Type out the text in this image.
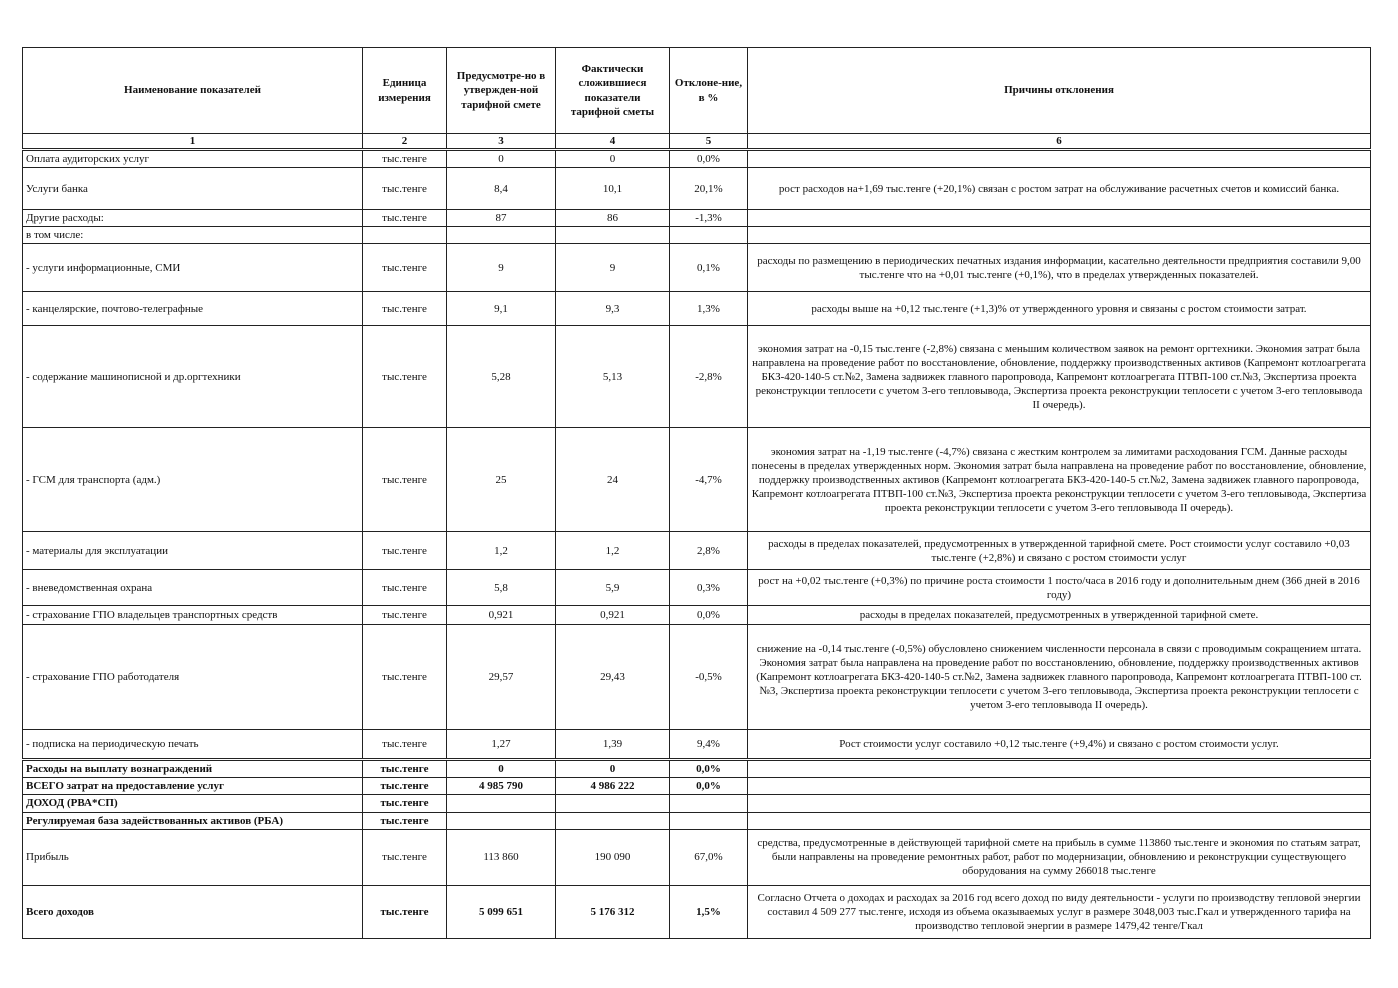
Наименование показателей	Единица измерения	Предусмотре-но в утвержден-ной тарифной смете	Фактически сложившиеся показатели тарифной сметы	Отклоне-ние, в %	Причины отклонения
1	2	3	4	5	6
Оплата аудиторских услуг	тыс.тенге	0	0	0,0%	
Услуги банка	тыс.тенге	8,4	10,1	20,1%	рост расходов на+1,69 тыс.тенге (+20,1%) связан с ростом затрат на обслуживание расчетных счетов и комиссий банка.
Другие расходы:	тыс.тенге	87	86	-1,3%	
в том числе:					
- услуги информационные, СМИ	тыс.тенге	9	9	0,1%	расходы по размещению в периодических печатных издания информации, касательно деятельности предприятия составили 9,00 тыс.тенге что на +0,01 тыс.тенге (+0,1%), что в пределах утвержденных показателей.
- канцелярские, почтово-телеграфные	тыс.тенге	9,1	9,3	1,3%	расходы выше на +0,12 тыс.тенге (+1,3)% от утвержденного уровня и связаны с ростом стоимости затрат.
- содержание машинописной и др.оргтехники	тыс.тенге	5,28	5,13	-2,8%	экономия затрат на -0,15 тыс.тенге (-2,8%) связана с меньшим количеством заявок на ремонт оргтехники. Экономия затрат была направлена на проведение работ по восстановление, обновление, поддержку производственных активов (Капремонт котлоагрегата БКЗ-420-140-5 ст.№2, Замена задвижек главного паропровода, Капремонт котлоагрегата ПТВП-100 ст.№3, Экспертиза проекта реконструкции теплосети с учетом 3-его тепловывода, Экспертиза проекта реконструкции теплосети с учетом 3-его тепловывода II очередь).
- ГСМ для транспорта (адм.)	тыс.тенге	25	24	-4,7%	экономия затрат на -1,19 тыс.тенге (-4,7%) связана с жестким контролем за лимитами расходования ГСМ. Данные расходы понесены в пределах утвержденных норм. Экономия затрат была направлена на проведение работ по восстановление, обновление, поддержку производственных активов (Капремонт котлоагрегата БКЗ-420-140-5 ст.№2, Замена задвижек главного паропровода, Капремонт котлоагрегата ПТВП-100 ст.№3, Экспертиза проекта реконструкции теплосети с учетом 3-его тепловывода, Экспертиза проекта реконструкции теплосети с учетом 3-его тепловывода II очередь).
- материалы для эксплуатации	тыс.тенге	1,2	1,2	2,8%	расходы в пределах показателей, предусмотренных в утвержденной тарифной смете. Рост стоимости услуг составило +0,03 тыс.тенге (+2,8%) и связано с ростом стоимости услуг
- вневедомственная охрана	тыс.тенге	5,8	5,9	0,3%	рост на +0,02 тыс.тенге (+0,3%) по причине роста стоимости 1 посто/часа в 2016 году и дополнительным днем (366 дней в 2016 году)
- страхование ГПО владельцев транспортных средств	тыс.тенге	0,921	0,921	0,0%	расходы в пределах показателей, предусмотренных в утвержденной тарифной смете.
- страхование ГПО работодателя	тыс.тенге	29,57	29,43	-0,5%	снижение на -0,14 тыс.тенге (-0,5%) обусловлено снижением численности персонала в связи с проводимым сокращением штата. Экономия затрат была направлена на проведение работ по восстановлению, обновление, поддержку производственных активов (Капремонт котлоагрегата БКЗ-420-140-5 ст.№2, Замена задвижек главного паропровода, Капремонт котлоагрегата ПТВП-100 ст.№3, Экспертиза проекта реконструкции теплосети с учетом 3-его тепловывода, Экспертиза проекта реконструкции теплосети с учетом 3-его тепловывода II очередь).
- подписка на периодическую печать	тыс.тенге	1,27	1,39	9,4%	Рост стоимости услуг составило +0,12 тыс.тенге (+9,4%) и связано с ростом стоимости услуг.
Расходы на выплату вознаграждений	тыс.тенге	0	0	0,0%	
ВСЕГО затрат на предоставление услуг	тыс.тенге	4 985 790	4 986 222	0,0%	
ДОХОД (РВА*СП)	тыс.тенге				
Регулируемая база задействованных активов (РБА)	тыс.тенге				
Прибыль	тыс.тенге	113 860	190 090	67,0%	средства, предусмотренные в действующей тарифной смете на прибыль в сумме 113860 тыс.тенге и экономия по статьям затрат, были направлены на проведение ремонтных работ, работ по модернизации, обновлению и реконструкции существующего оборудования на сумму 266018 тыс.тенге
Всего доходов	тыс.тенге	5 099 651	5 176 312	1,5%	Согласно Отчета о доходах и расходах за 2016 год всего доход по виду деятельности - услуги по производству тепловой энергии составил 4 509 277 тыс.тенге, исходя из объема оказываемых услуг в размере 3048,003 тыс.Гкал и утвержденного тарифа на производство тепловой энергии в размере 1479,42 тенге/Гкал
